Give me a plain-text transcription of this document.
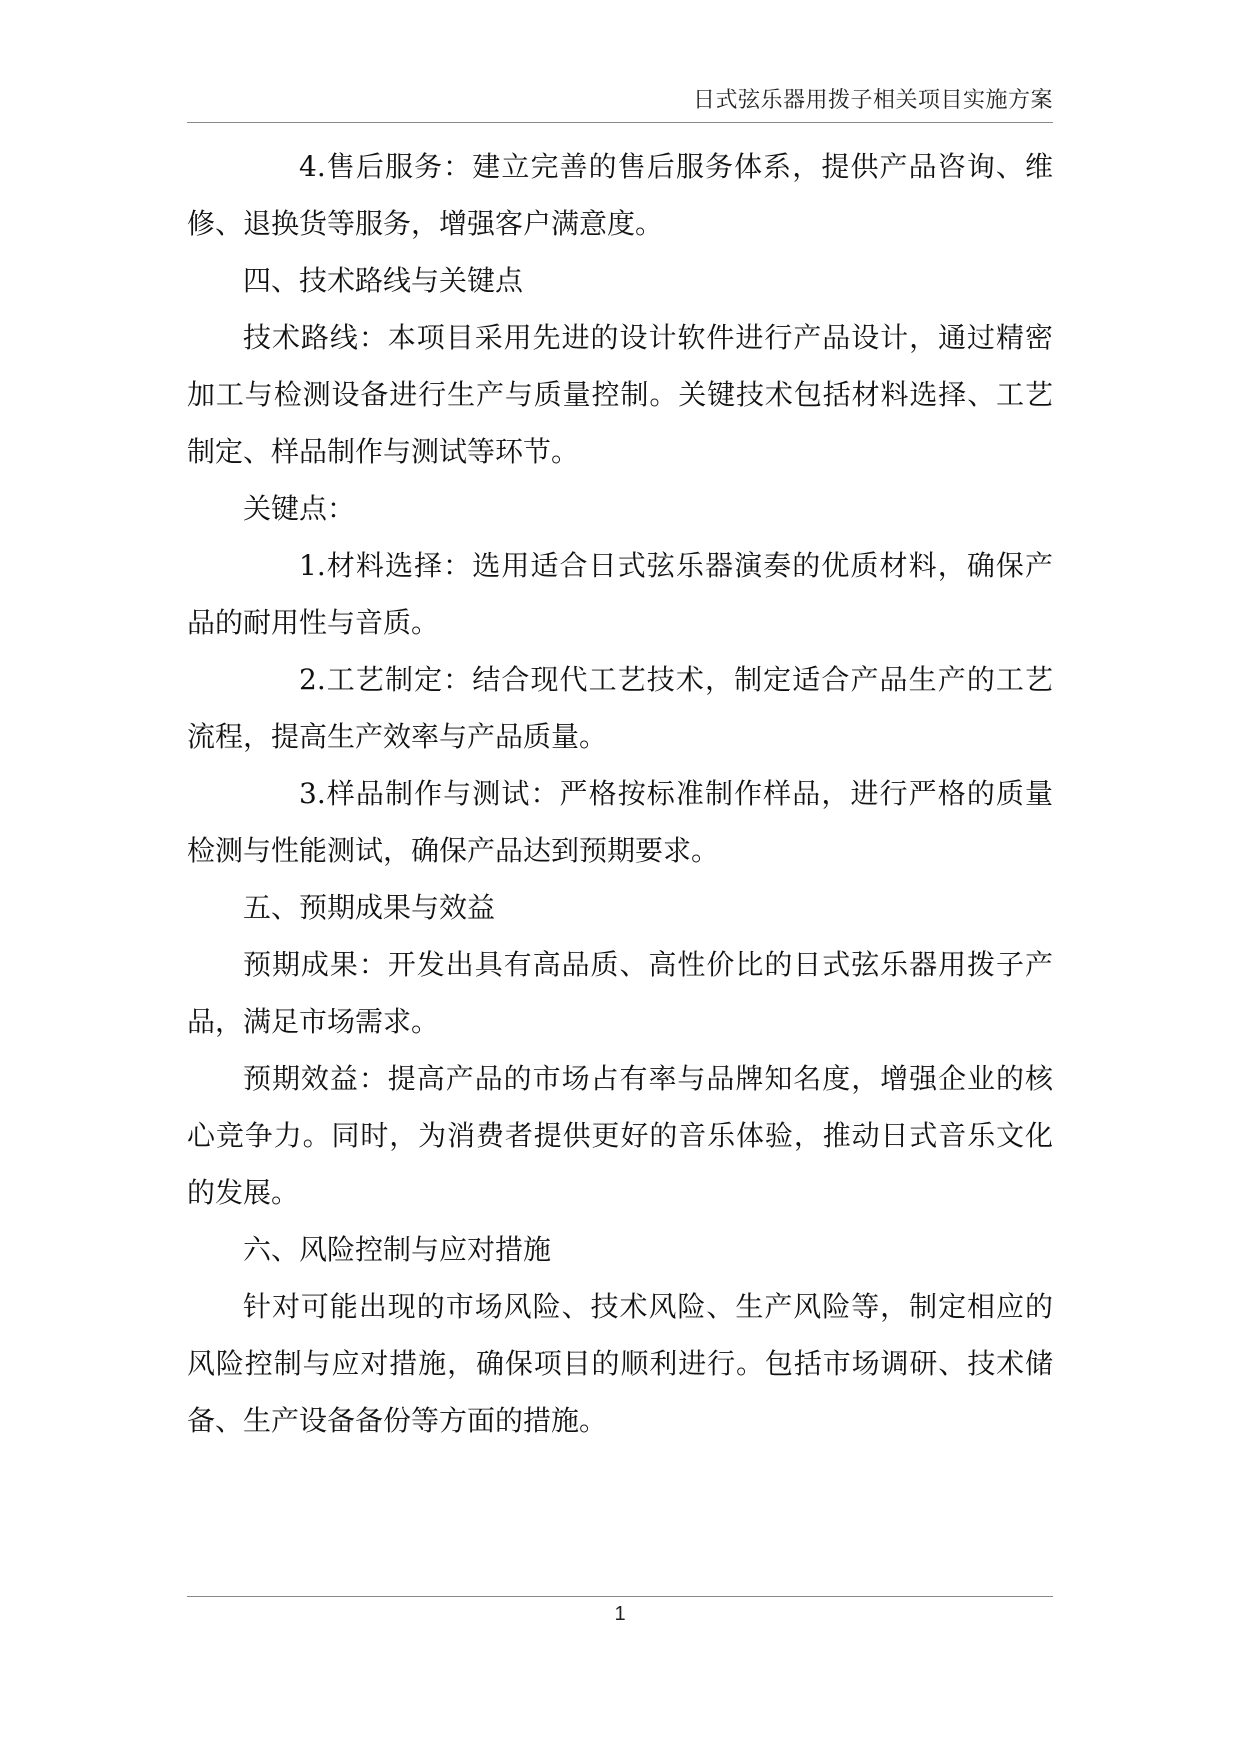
日式弦乐器用拨子相关项目实施方案

4.售后服务：建立完善的售后服务体系，提供产品咨询、维修、退换货等服务，增强客户满意度。

四、技术路线与关键点

技术路线：本项目采用先进的设计软件进行产品设计，通过精密加工与检测设备进行生产与质量控制。关键技术包括材料选择、工艺制定、样品制作与测试等环节。

关键点：

1.材料选择：选用适合日式弦乐器演奏的优质材料，确保产品的耐用性与音质。

2.工艺制定：结合现代工艺技术，制定适合产品生产的工艺流程，提高生产效率与产品质量。

3.样品制作与测试：严格按标准制作样品，进行严格的质量检测与性能测试，确保产品达到预期要求。

五、预期成果与效益

预期成果：开发出具有高品质、高性价比的日式弦乐器用拨子产品，满足市场需求。

预期效益：提高产品的市场占有率与品牌知名度，增强企业的核心竞争力。同时，为消费者提供更好的音乐体验，推动日式音乐文化的发展。

六、风险控制与应对措施

针对可能出现的市场风险、技术风险、生产风险等，制定相应的风险控制与应对措施，确保项目的顺利进行。包括市场调研、技术储备、生产设备备份等方面的措施。

1
